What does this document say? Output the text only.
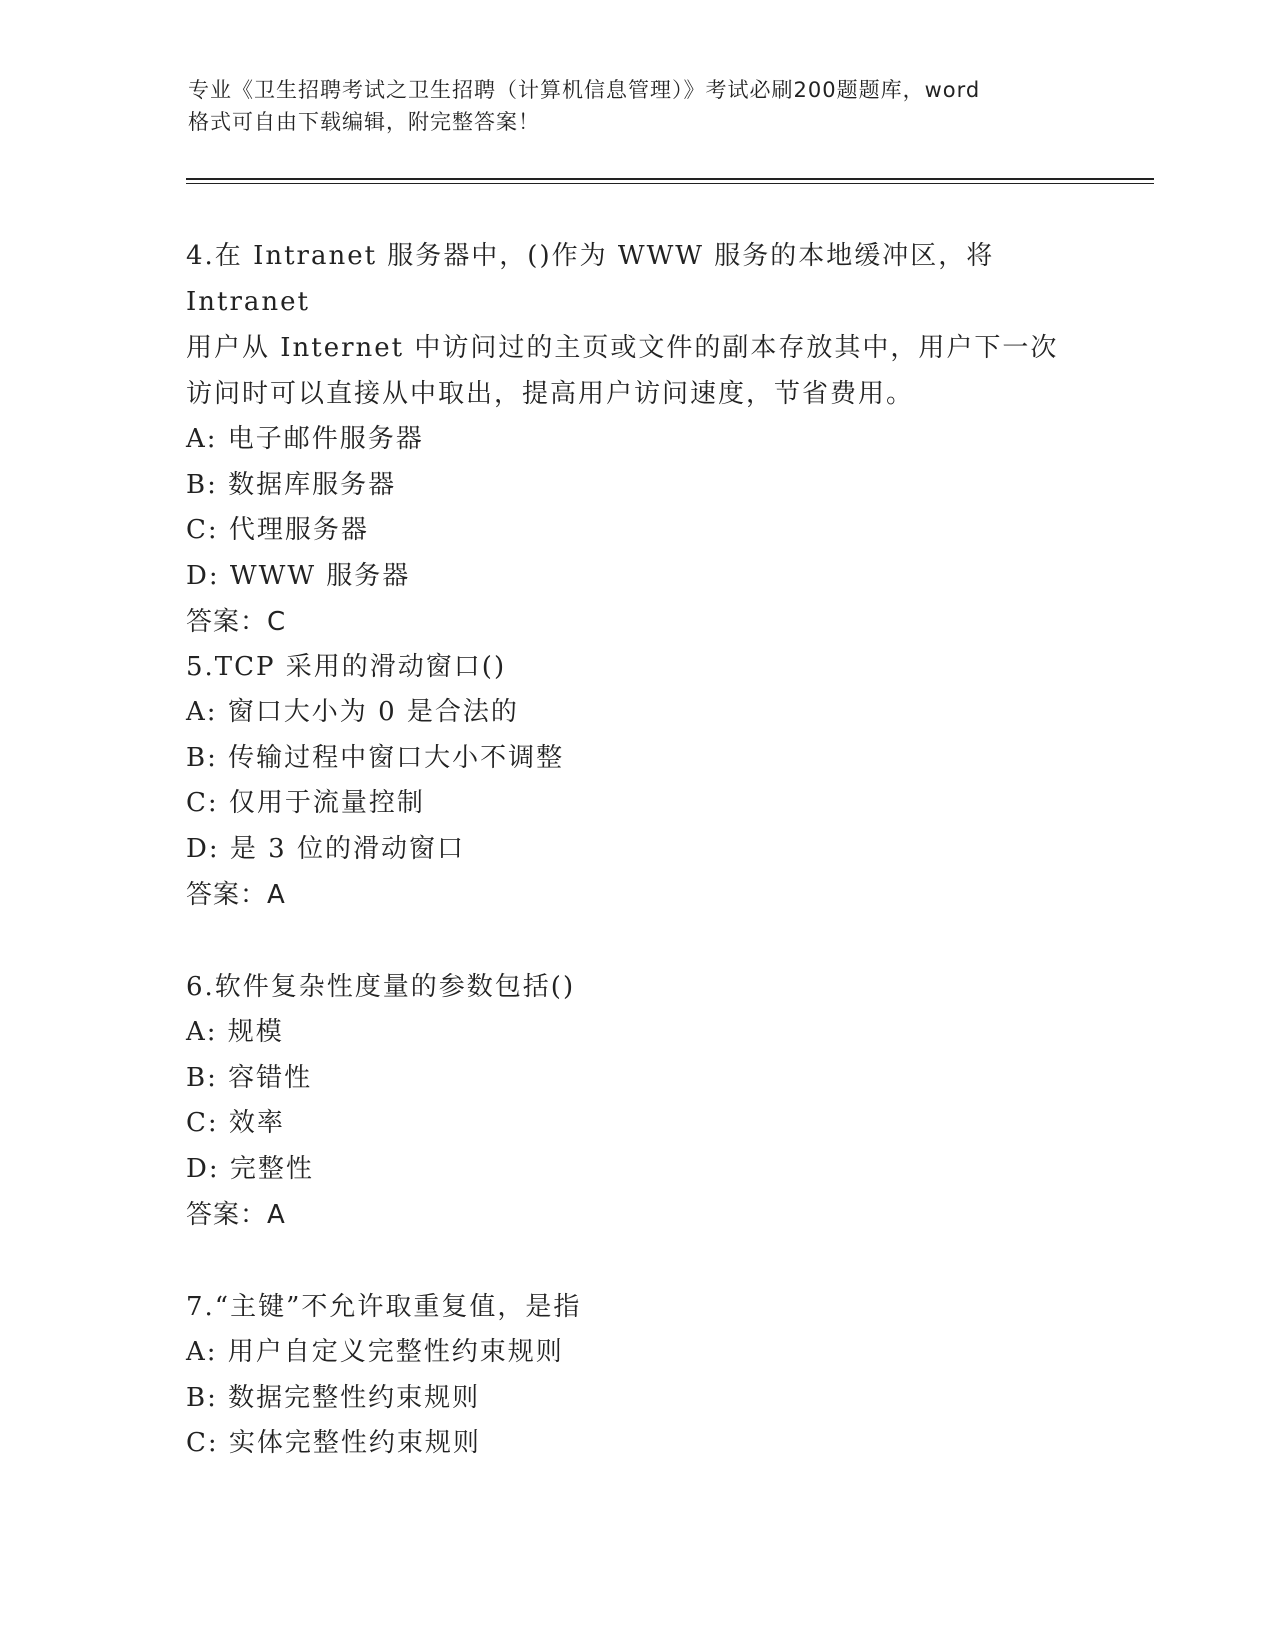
专业《卫生招聘考试之卫生招聘（计算机信息管理）》考试必刷200题题库，word
格式可自由下载编辑，附完整答案！
4.在 Intranet 服务器中，()作为 WWW 服务的本地缓冲区，将 Intranet
用户从 Internet 中访问过的主页或文件的副本存放其中，用户下一次
访问时可以直接从中取出，提高用户访问速度，节省费用。
A: 电子邮件服务器
B: 数据库服务器
C: 代理服务器
D: WWW 服务器
答案：C
5.TCP 采用的滑动窗口()
A: 窗口大小为 0 是合法的
B: 传输过程中窗口大小不调整
C: 仅用于流量控制
D: 是 3 位的滑动窗口
答案：A
6.软件复杂性度量的参数包括()
A: 规模
B: 容错性
C: 效率
D: 完整性
答案：A
7.“主键”不允许取重复值，是指
A: 用户自定义完整性约束规则
B: 数据完整性约束规则
C: 实体完整性约束规则
